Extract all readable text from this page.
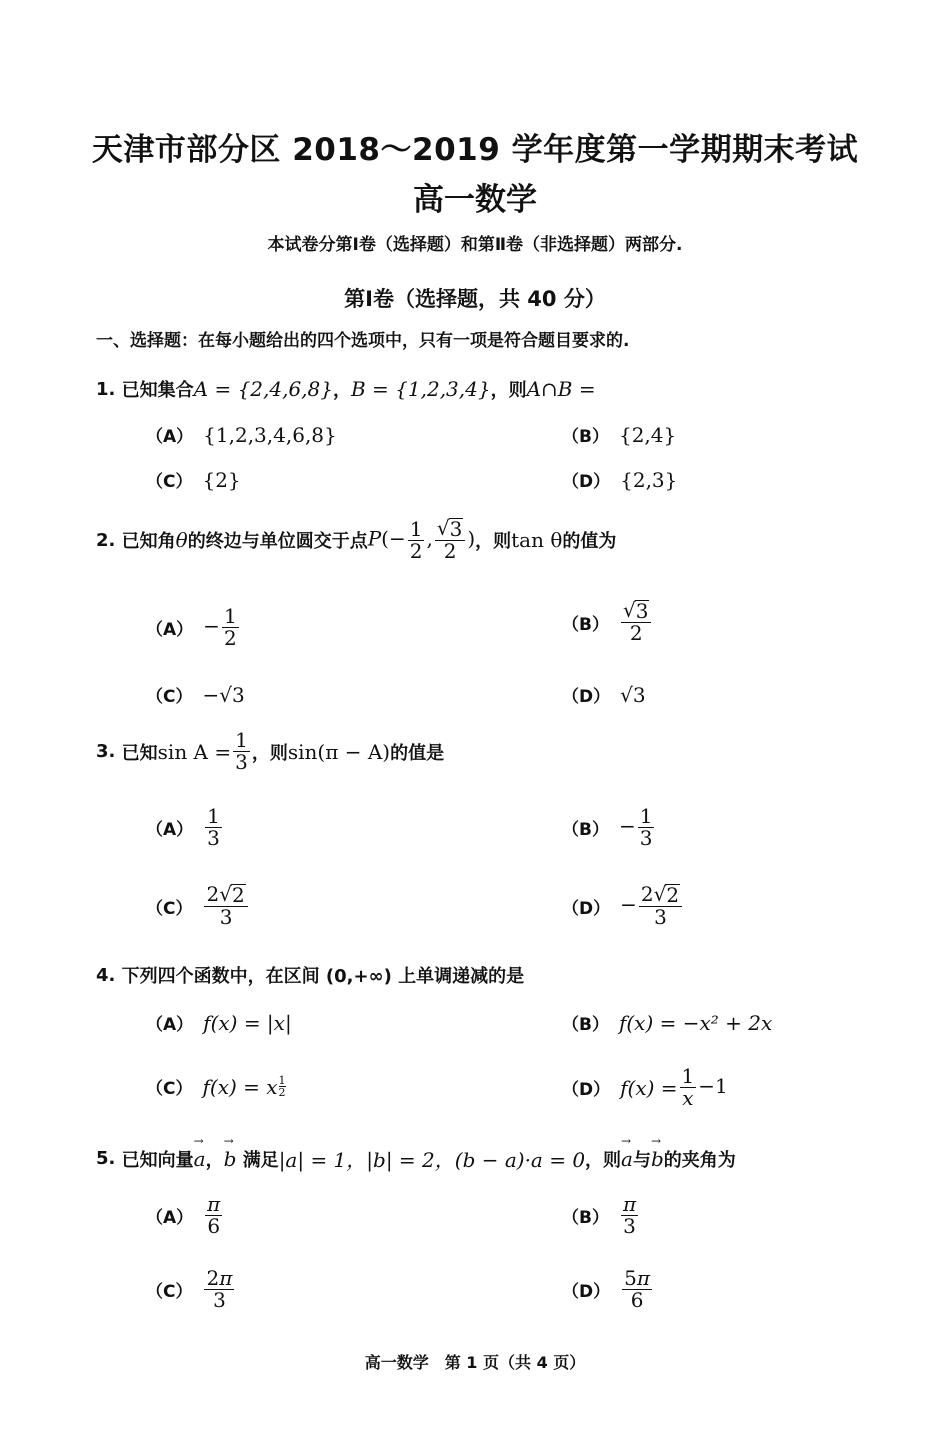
天津市部分区 2018～2019 学年度第一学期期末考试
高一数学
本试卷分第Ⅰ卷（选择题）和第Ⅱ卷（非选择题）两部分.
第Ⅰ卷（选择题，共 40 分）
一、选择题：在每小题给出的四个选项中，只有一项是符合题目要求的.
1.
已知集合 A = {2,4,6,8} ， B = {1,2,3,4} ，则 A∩B =
（A） {1,2,3,4,6,8}	（B） {2,4}
（C） {2}	（D） {2,3}
2.
已知角 θ 的终边与单位圆交于点 $P(- \frac{1}{2}$ , $\frac{√ 3}{2}$ ) ，则 tan θ 的值为
$(A) - \frac{1}{2}$	$(B) \frac{√ 3}{2}$
（C） −√3	（D） √3
3.
已知 $\sin A = \frac{1}{3}$ ，则 sin(π − A) 的值是
$(A) \frac{1}{3}$	$(B) - \frac{1}{3}$
$(C) \frac{2 √ 2}{3}$	$(D) - \frac{2 √ 2}{3}$
4.
下列四个函数中，在区间 (0,+∞) 上单调递减的是
（A） f(x) = |x|	（B） f(x) = −x² + 2x
（C） f(x) = x 1
2	（D） $f(x) = \frac{1}{x} -1$
5.
已知向量 → a ， → b
满足 |a| = 1，|b| = 2，(b − a)·a = 0 ，则 → a 与 → b 的夹角为
$(A) \frac{\pi}{6}$	$(B) \frac{\pi}{3}$
$(C) \frac{2\pi}{3}$	$(D) \frac{5\pi}{6}$
高一数学　第 1 页（共 4 页）
